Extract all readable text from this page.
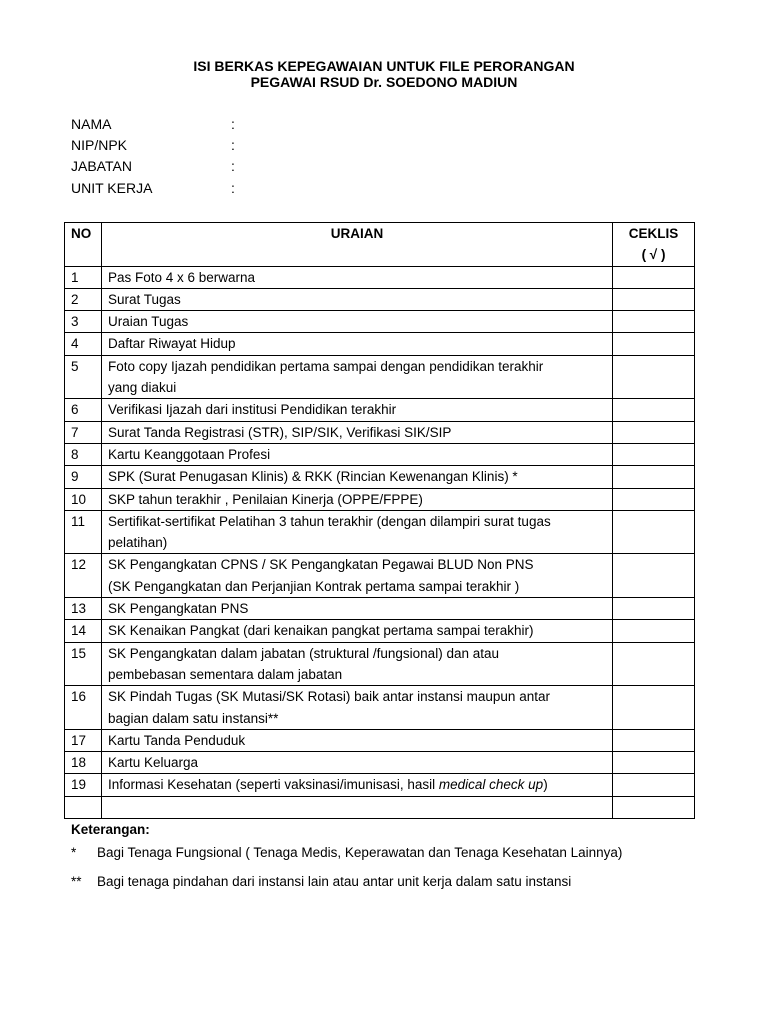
ISI BERKAS KEPEGAWAIAN UNTUK FILE PERORANGAN
PEGAWAI RSUD Dr. SOEDONO MADIUN
NAMA	:
NIP/NPK	:
JABATAN	:
UNIT KERJA	:
NO	URAIAN	CEKLIS
( √ )

1	Pas Foto 4 x 6 berwarna	

2	Surat Tugas	

3	Uraian Tugas	

4	Daftar Riwayat Hidup	

5	Foto copy Ijazah pendidikan pertama sampai dengan pendidikan terakhir
yang diakui	

6	Verifikasi Ijazah dari institusi Pendidikan terakhir	

7	Surat Tanda Registrasi (STR), SIP/SIK, Verifikasi SIK/SIP	

8	Kartu Keanggotaan Profesi	

9	SPK (Surat Penugasan Klinis) & RKK (Rincian Kewenangan Klinis) *	

10	SKP tahun terakhir , Penilaian Kinerja (OPPE/FPPE)	

11	Sertifikat-sertifikat Pelatihan 3 tahun terakhir (dengan dilampiri surat tugas
pelatihan)	

12	SK Pengangkatan CPNS / SK Pengangkatan Pegawai BLUD Non PNS
(SK Pengangkatan dan Perjanjian Kontrak pertama sampai terakhir )	

13	SK Pengangkatan PNS	

14	SK Kenaikan Pangkat (dari kenaikan pangkat pertama sampai terakhir)	

15	SK Pengangkatan dalam jabatan (struktural /fungsional) dan atau
pembebasan sementara dalam jabatan	

16	SK Pindah Tugas (SK Mutasi/SK Rotasi) baik antar instansi maupun antar
bagian dalam satu instansi**	

17	Kartu Tanda Penduduk	

18	Kartu Keluarga	

19	Informasi Kesehatan (seperti vaksinasi/imunisasi, hasil medical check up)	

Keterangan:
* Bagi Tenaga Fungsional ( Tenaga Medis, Keperawatan dan Tenaga Kesehatan Lainnya)
** Bagi tenaga pindahan dari instansi lain atau antar unit kerja dalam satu instansi
